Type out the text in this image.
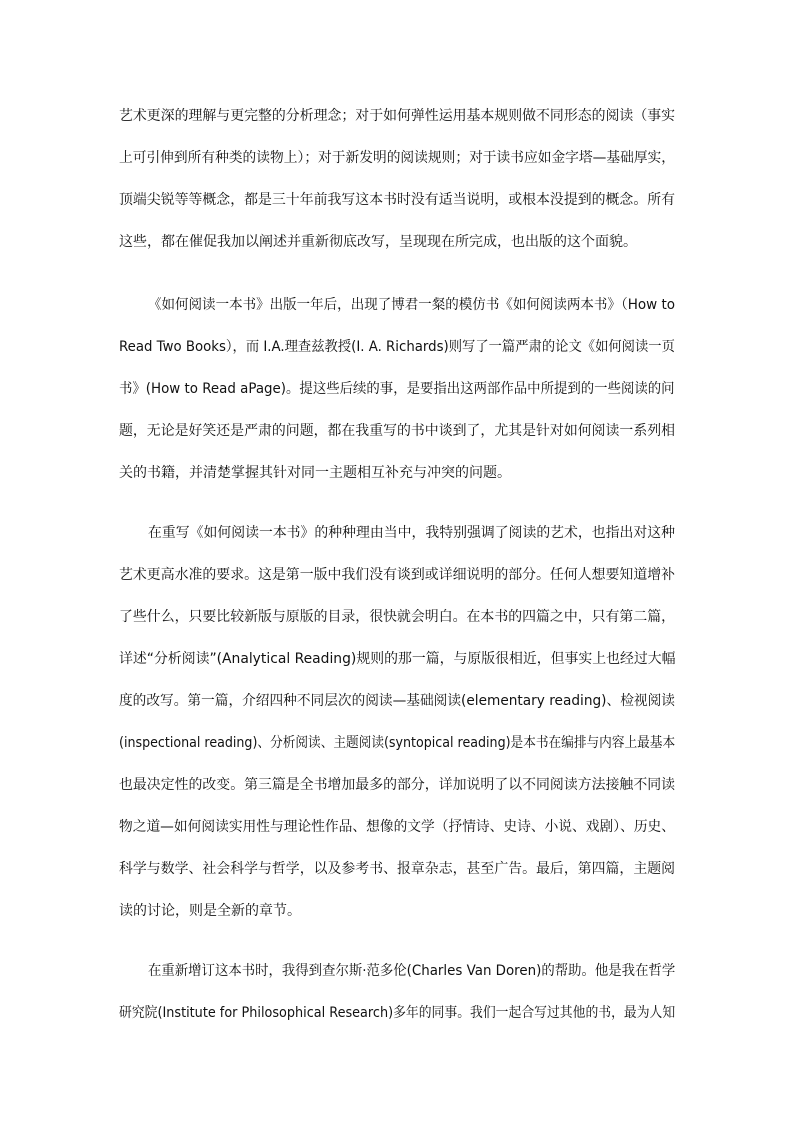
艺术更深的理解与更完整的分析理念；对于如何弹性运用基本规则做不同形态的阅读（事实
上可引伸到所有种类的读物上）；对于新发明的阅读规则；对于读书应如金字塔—基础厚实，
顶端尖锐等等概念，都是三十年前我写这本书时没有适当说明，或根本没提到的概念。所有
这些，都在催促我加以阐述并重新彻底改写，呈现现在所完成，也出版的这个面貌。
《如何阅读一本书》出版一年后，出现了博君一粲的模仿书《如何阅读两本书》（How to
Read Two Books），而 I.A.理查兹教授(I. A. Richards)则写了一篇严肃的论文《如何阅读一页
书》(How to Read aPage)。提这些后续的事，是要指出这两部作品中所提到的一些阅读的问
题，无论是好笑还是严肃的问题，都在我重写的书中谈到了，尤其是针对如何阅读一系列相
关的书籍，并清楚掌握其针对同一主题相互补充与冲突的问题。
在重写《如何阅读一本书》的种种理由当中，我特别强调了阅读的艺术，也指出对这种
艺术更高水准的要求。这是第一版中我们没有谈到或详细说明的部分。任何人想要知道增补
了些什么，只要比较新版与原版的目录，很快就会明白。在本书的四篇之中，只有第二篇，
详述“分析阅读”(Analytical Reading)规则的那一篇，与原版很相近，但事实上也经过大幅
度的改写。第一篇，介绍四种不同层次的阅读—基础阅读(elementary reading)、检视阅读
(inspectional reading)、分析阅读、主题阅读(syntopical reading)是本书在编排与内容上最基本
也最决定性的改变。第三篇是全书增加最多的部分，详加说明了以不同阅读方法接触不同读
物之道—如何阅读实用性与理论性作品、想像的文学（抒情诗、史诗、小说、戏剧）、历史、
科学与数学、社会科学与哲学，以及参考书、报章杂志，甚至广告。最后，第四篇，主题阅
读的讨论，则是全新的章节。
在重新增订这本书时，我得到查尔斯·范多伦(Charles Van Doren)的帮助。他是我在哲学
研究院(Institute for Philosophical Research)多年的同事。我们一起合写过其他的书，最为人知
